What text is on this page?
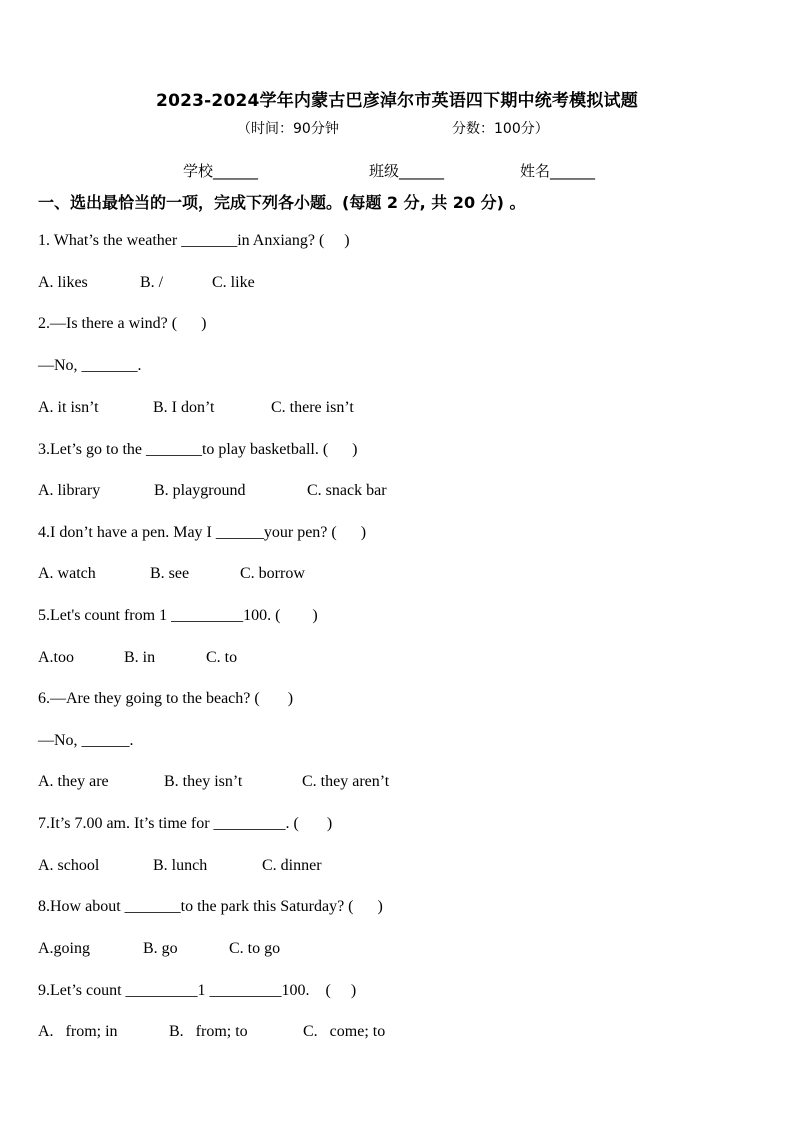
2023-2024学年内蒙古巴彦淖尔市英语四下期中统考模拟试题
（时间：90分钟	分数：100分）
学校______	班级______	姓名______
一、选出最恰当的一项，完成下列各小题。(每题 2 分, 共 20 分) 。
1. What’s the weather _______in Anxiang? (     )
A. likes	B. /	C. like
2.—Is there a wind? (      )
—No, _______.
A. it isn’t	B. I don’t	C. there isn’t
3.Let’s go to the _______to play basketball. (      )
A. library	B. playground	C. snack bar
4.I don’t have a pen. May I ______your pen? (      )
A. watch	B. see	C. borrow
5.Let's count from 1 _________100. (        )
A.too	B. in	C. to
6.—Are they going to the beach? (       )
—No, ______.
A. they are	B. they isn’t	C. they aren’t
7.It’s 7.00 am. It’s time for _________. (       )
A. school	B. lunch	C. dinner
8.How about _______to the park this Saturday? (      )
A.going	B. go	C. to go
9.Let’s count _________1 _________100.    (     )
A.   from; in	B.   from; to	C.   come; to
